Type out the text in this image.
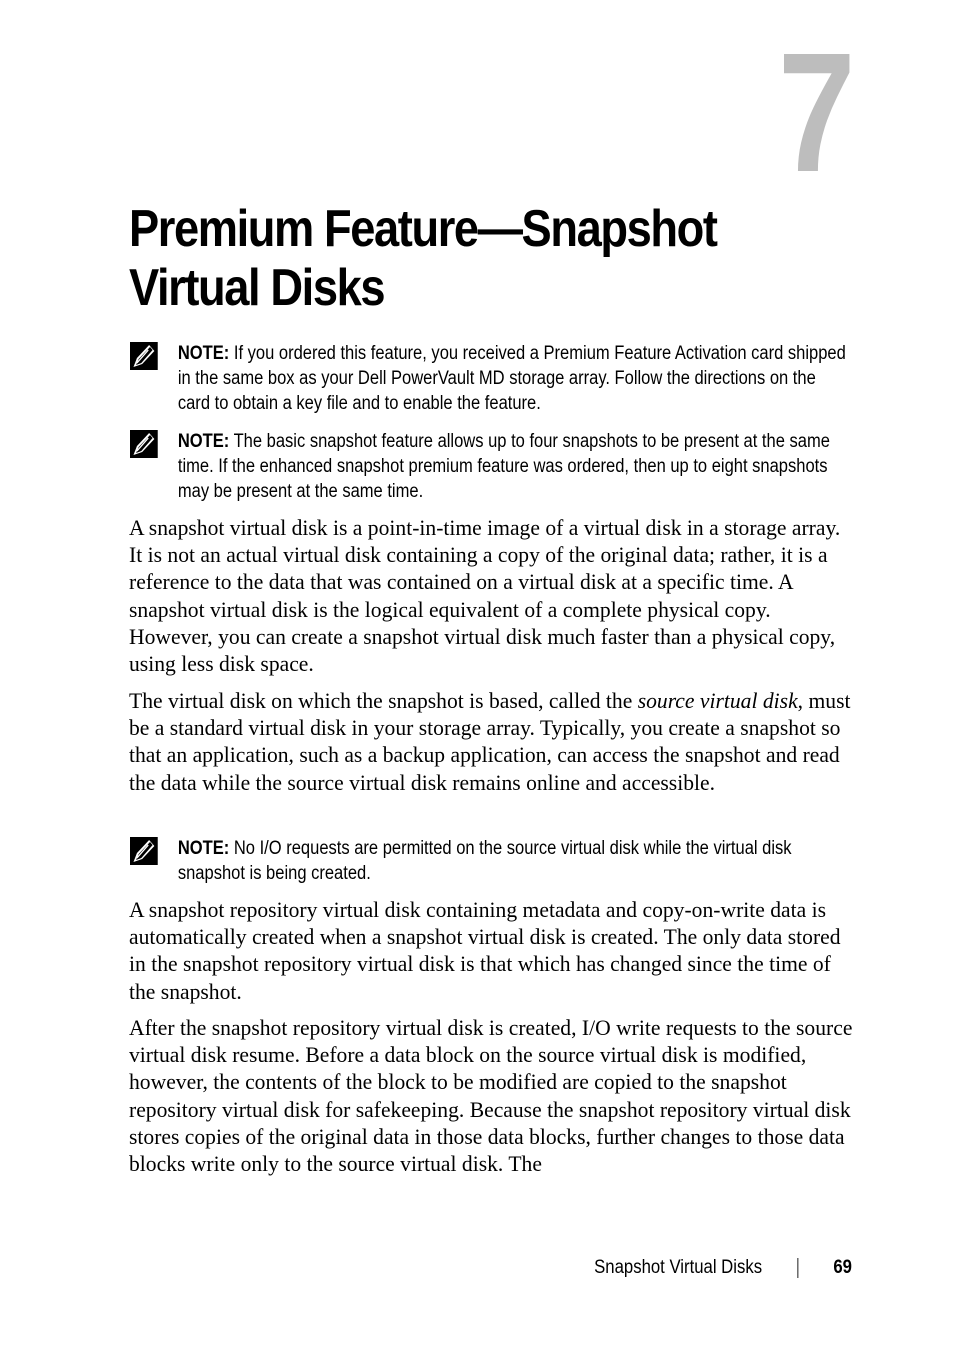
7
Premium Feature—Snapshot Virtual Disks

NOTE: If you ordered this feature, you received a Premium Feature Activation card shipped in the same box as your Dell PowerVault MD storage array. Follow the directions on the card to obtain a key file and to enable the feature.

NOTE: The basic snapshot feature allows up to four snapshots to be present at the same time. If the enhanced snapshot premium feature was ordered, then up to eight snapshots may be present at the same time.

A snapshot virtual disk is a point-in-time image of a virtual disk in a storage array. It is not an actual virtual disk containing a copy of the original data; rather, it is a reference to the data that was contained on a virtual disk at a specific time. A snapshot virtual disk is the logical equivalent of a complete physical copy. However, you can create a snapshot virtual disk much faster than a physical copy, using less disk space.

The virtual disk on which the snapshot is based, called the source virtual disk, must be a standard virtual disk in your storage array. Typically, you create a snapshot so that an application, such as a backup application, can access the snapshot and read the data while the source virtual disk remains online and accessible.

NOTE: No I/O requests are permitted on the source virtual disk while the virtual disk snapshot is being created.

A snapshot repository virtual disk containing metadata and copy-on-write data is automatically created when a snapshot virtual disk is created. The only data stored in the snapshot repository virtual disk is that which has changed since the time of the snapshot.

After the snapshot repository virtual disk is created, I/O write requests to the source virtual disk resume. Before a data block on the source virtual disk is modified, however, the contents of the block to be modified are copied to the snapshot repository virtual disk for safekeeping. Because the snapshot repository virtual disk stores copies of the original data in those data blocks, further changes to those data blocks write only to the source virtual disk. The

Snapshot Virtual Disks	69
